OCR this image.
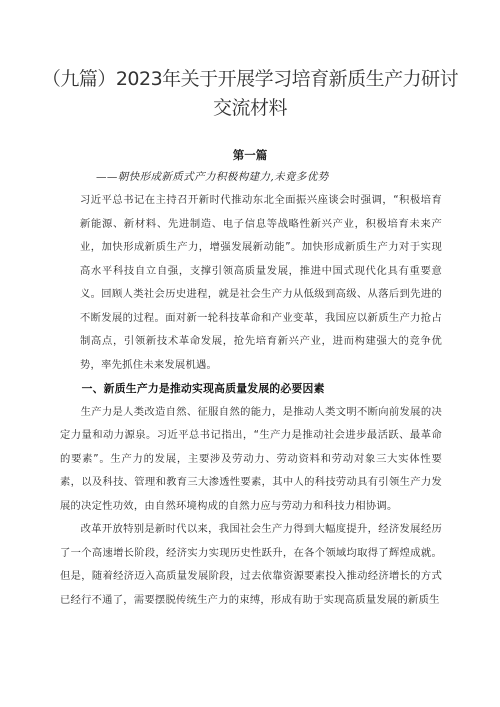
（九篇）2023年关于开展学习培育新质生产力研讨交流材料
第一篇
——朝快形成新质式产力积极构建力,未竟多优势

习近平总书记在主持召开新时代推动东北全面振兴座谈会时强调，“积极培育新能源、新材料、先进制造、电子信息等战略性新兴产业，积极培育未来产业，加快形成新质生产力，增强发展新动能”。加快形成新质生产力对于实现高水平科技自立自强，支撑引领高质量发展，推进中国式现代化具有重要意义。回顾人类社会历史进程，就是社会生产力从低级到高级、从落后到先进的不断发展的过程。面对新一轮科技革命和产业变革，我国应以新质生产力抢占制高点，引领新技术革命发展，抢先培育新兴产业，进而构建强大的竞争优势，率先抓住未来发展机遇。

一、新质生产力是推动实现高质量发展的必要因素

生产力是人类改造自然、征服自然的能力，是推动人类文明不断向前发展的决定力量和动力源泉。习近平总书记指出，“生产力是推动社会进步最活跃、最革命的要素”。生产力的发展，主要涉及劳动力、劳动资料和劳动对象三大实体性要素，以及科技、管理和教育三大渗透性要素，其中人的科技劳动具有引领生产力发展的决定性功效，由自然环境构成的自然力应与劳动力和科技力相协调。

改革开放特别是新时代以来，我国社会生产力得到大幅度提升，经济发展经历了一个高速增长阶段，经济实力实现历史性跃升，在各个领域均取得了辉煌成就。但是，随着经济迈入高质量发展阶段，过去依靠资源要素投入推动经济增长的方式已经行不通了，需要摆脱传统生产力的束缚，形成有助于实现高质量发展的新质生
